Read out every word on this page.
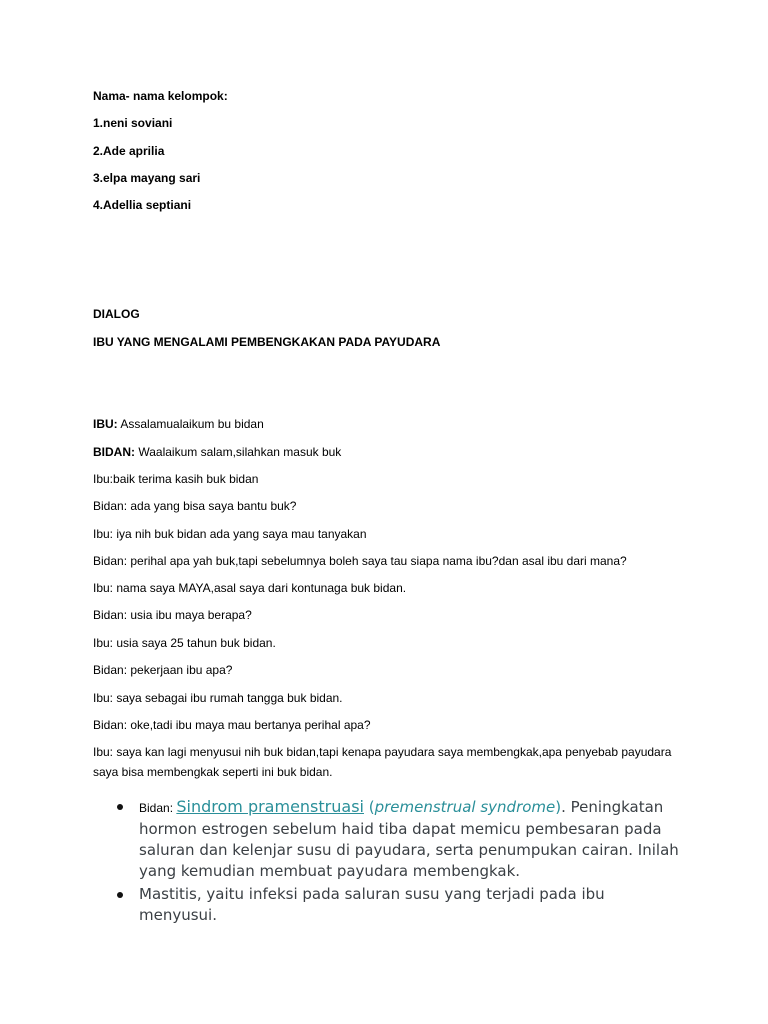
Nama- nama kelompok:
1.neni soviani
2.Ade aprilia
3.elpa mayang sari
4.Adellia septiani
DIALOG
IBU YANG MENGALAMI PEMBENGKAKAN PADA PAYUDARA
IBU: Assalamualaikum bu bidan
BIDAN: Waalaikum salam,silahkan masuk buk
Ibu:baik terima kasih buk bidan
Bidan: ada yang bisa saya bantu buk?
Ibu: iya nih buk bidan ada yang saya mau tanyakan
Bidan: perihal apa yah buk,tapi sebelumnya boleh saya tau siapa nama ibu?dan asal ibu dari mana?
Ibu: nama saya MAYA,asal saya dari kontunaga buk bidan.
Bidan: usia ibu maya berapa?
Ibu: usia saya 25 tahun buk bidan.
Bidan: pekerjaan ibu apa?
Ibu: saya sebagai ibu rumah tangga buk bidan.
Bidan: oke,tadi ibu maya mau bertanya perihal apa?
Ibu: saya kan lagi menyusui nih buk bidan,tapi kenapa payudara saya membengkak,apa penyebab payudara saya bisa membengkak seperti ini buk bidan.
Bidan: Sindrom pramenstruasi (premenstrual syndrome). Peningkatan hormon estrogen sebelum haid tiba dapat memicu pembesaran pada saluran dan kelenjar susu di payudara, serta penumpukan cairan. Inilah yang kemudian membuat payudara membengkak.
Mastitis, yaitu infeksi pada saluran susu yang terjadi pada ibu menyusui.
